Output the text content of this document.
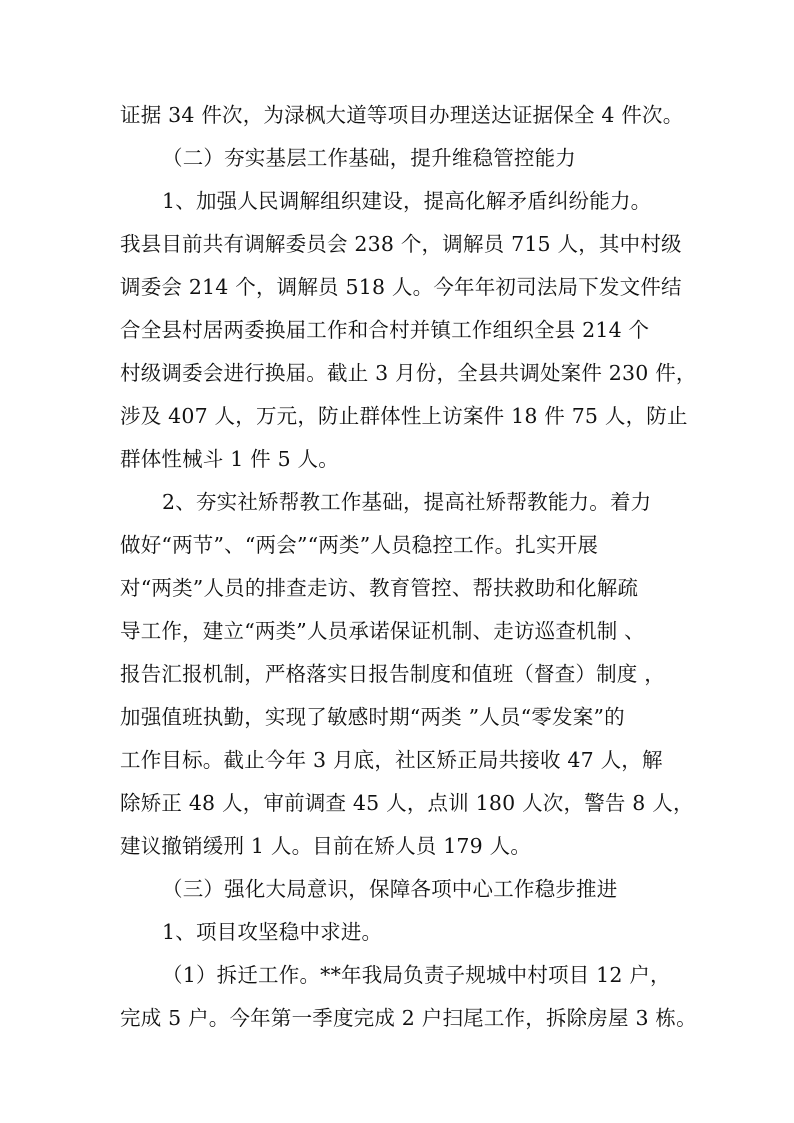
证据 34 件次，为渌枫大道等项目办理送达证据保全 4 件次。
（二）夯实基层工作基础，提升维稳管控能力
1、加强人民调解组织建设，提高化解矛盾纠纷能力。
我县目前共有调解委员会 238 个，调解员 715 人，其中村级
调委会 214 个，调解员 518 人。今年年初司法局下发文件结
合全县村居两委换届工作和合村并镇工作组织全县 214 个
村级调委会进行换届。截止 3 月份，全县共调处案件 230 件，
涉及 407 人，万元，防止群体性上访案件 18 件 75 人，防止
群体性械斗 1 件 5 人。
2、夯实社矫帮教工作基础，提高社矫帮教能力。着力
做好“两节”、“两会”“两类”人员稳控工作。扎实开展
对“两类”人员的排查走访、教育管控、帮扶救助和化解疏
导工作，建立“两类”人员承诺保证机制、走访巡查机制 、
报告汇报机制，严格落实日报告制度和值班（督查）制度 ，
加强值班执勤，实现了敏感时期“两类 ”人员“零发案”的
工作目标。截止今年 3 月底，社区矫正局共接收 47 人，解
除矫正 48 人，审前调查 45 人，点训 180 人次，警告 8 人，
建议撤销缓刑 1 人。目前在矫人员 179 人。
（三）强化大局意识，保障各项中心工作稳步推进
1、项目攻坚稳中求进。
（1）拆迁工作。**年我局负责子规城中村项目 12 户，
完成 5 户。今年第一季度完成 2 户扫尾工作，拆除房屋 3 栋。
